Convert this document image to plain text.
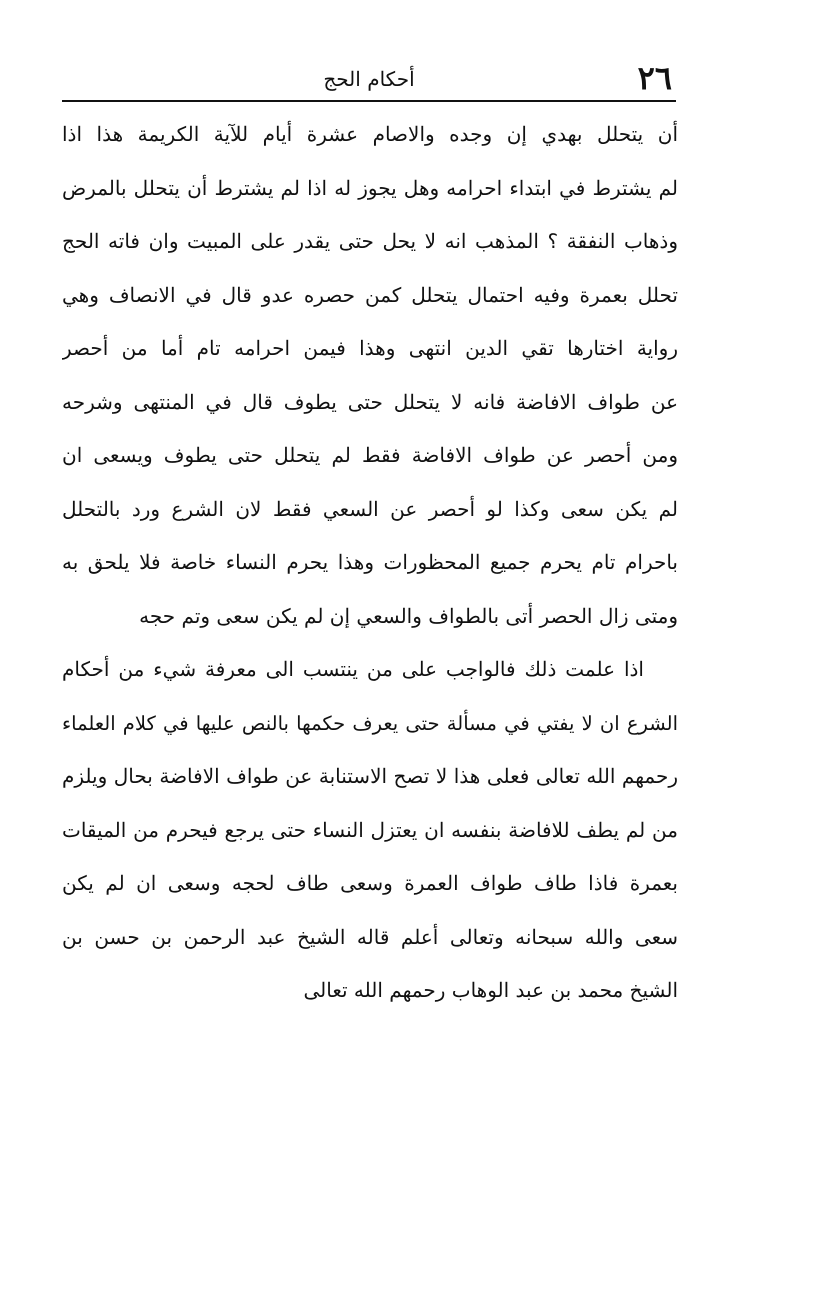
٢٦
أحكام الحج
أن يتحلل بهدي إن وجده والاصام عشرة أيام للآية الكريمة هذا اذا
لم يشترط في ابتداء احرامه وهل يجوز له اذا لم يشترط أن يتحلل بالمرض
وذهاب النفقة ؟ المذهب انه لا يحل حتى يقدر على المبيت وان فاته الحج
تحلل بعمرة وفيه احتمال يتحلل كمن حصره عدو قال في الانصاف وهي
رواية اختارها تقي الدين انتهى وهذا فيمن احرامه تام أما من أحصر
عن طواف الافاضة فانه لا يتحلل حتى يطوف قال في المنتهى وشرحه
ومن أحصر عن طواف الافاضة فقط لم يتحلل حتى يطوف ويسعى ان
لم يكن سعى وكذا لو أحصر عن السعي فقط لان الشرع ورد بالتحلل
باحرام تام يحرم جميع المحظورات وهذا يحرم النساء خاصة فلا يلحق به
ومتى زال الحصر أتى بالطواف والسعي إن لم يكن سعى وتم حجه
اذا علمت ذلك فالواجب على من ينتسب الى معرفة شيء من أحكام
الشرع ان لا يفتي في مسألة حتى يعرف حكمها بالنص عليها في كلام العلماء
رحمهم الله تعالى فعلى هذا لا تصح الاستنابة عن طواف الافاضة بحال ويلزم
من لم يطف للافاضة بنفسه ان يعتزل النساء حتى يرجع فيحرم من الميقات
بعمرة فاذا طاف طواف العمرة وسعى طاف لحجه وسعى ان لم يكن
سعى والله سبحانه وتعالى أعلم قاله الشيخ عبد الرحمن بن حسن بن
الشيخ محمد بن عبد الوهاب رحمهم الله تعالى
